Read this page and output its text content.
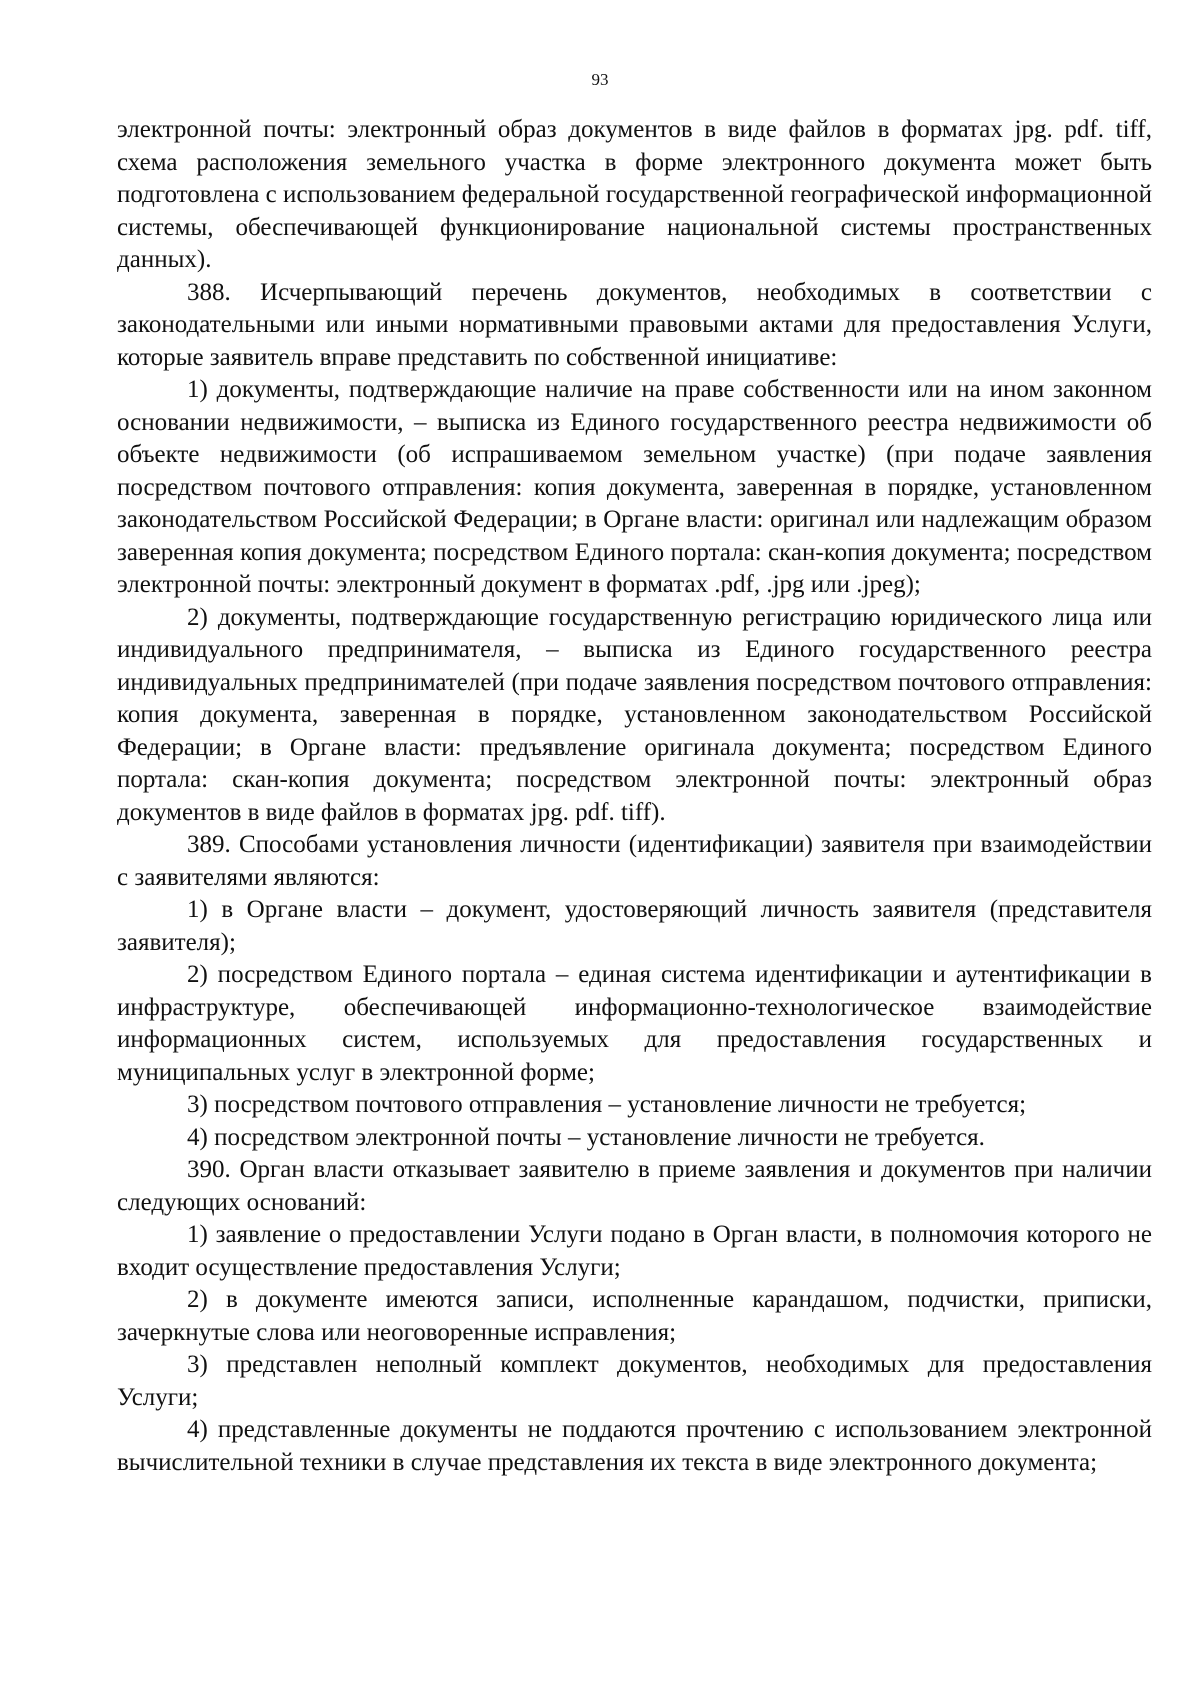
93

электронной почты: электронный образ документов в виде файлов в форматах jpg. pdf. tiff, схема расположения земельного участка в форме электронного документа может быть подготовлена с использованием федеральной государственной географической информационной системы, обеспечивающей функционирование национальной системы пространственных данных).

388. Исчерпывающий перечень документов, необходимых в соответствии с законодательными или иными нормативными правовыми актами для предоставления Услуги, которые заявитель вправе представить по собственной инициативе:

1) документы, подтверждающие наличие на праве собственности или на ином законном основании недвижимости, – выписка из Единого государственного реестра недвижимости об объекте недвижимости (об испрашиваемом земельном участке) (при подаче заявления посредством почтового отправления: копия документа, заверенная в порядке, установленном законодательством Российской Федерации; в Органе власти: оригинал или надлежащим образом заверенная копия документа; посредством Единого портала: скан-копия документа; посредством электронной почты: электронный документ в форматах .pdf, .jpg или .jpeg);

2) документы, подтверждающие государственную регистрацию юридического лица или индивидуального предпринимателя, – выписка из Единого государственного реестра индивидуальных предпринимателей (при подаче заявления посредством почтового отправления: копия документа, заверенная в порядке, установленном законодательством Российской Федерации; в Органе власти: предъявление оригинала документа; посредством Единого портала: скан-копия документа; посредством электронной почты: электронный образ документов в виде файлов в форматах jpg. pdf. tiff).

389. Способами установления личности (идентификации) заявителя при взаимодействии с заявителями являются:

1) в Органе власти – документ, удостоверяющий личность заявителя (представителя заявителя);

2) посредством Единого портала – единая система идентификации и аутентификации в инфраструктуре, обеспечивающей информационно-технологическое взаимодействие информационных систем, используемых для предоставления государственных и муниципальных услуг в электронной форме;

3) посредством почтового отправления – установление личности не требуется;

4) посредством электронной почты – установление личности не требуется.

390. Орган власти отказывает заявителю в приеме заявления и документов при наличии следующих оснований:

1) заявление о предоставлении Услуги подано в Орган власти, в полномочия которого не входит осуществление предоставления Услуги;

2) в документе имеются записи, исполненные карандашом, подчистки, приписки, зачеркнутые слова или неоговоренные исправления;

3) представлен неполный комплект документов, необходимых для предоставления Услуги;

4) представленные документы не поддаются прочтению с использованием электронной вычислительной техники в случае представления их текста в виде электронного документа;
